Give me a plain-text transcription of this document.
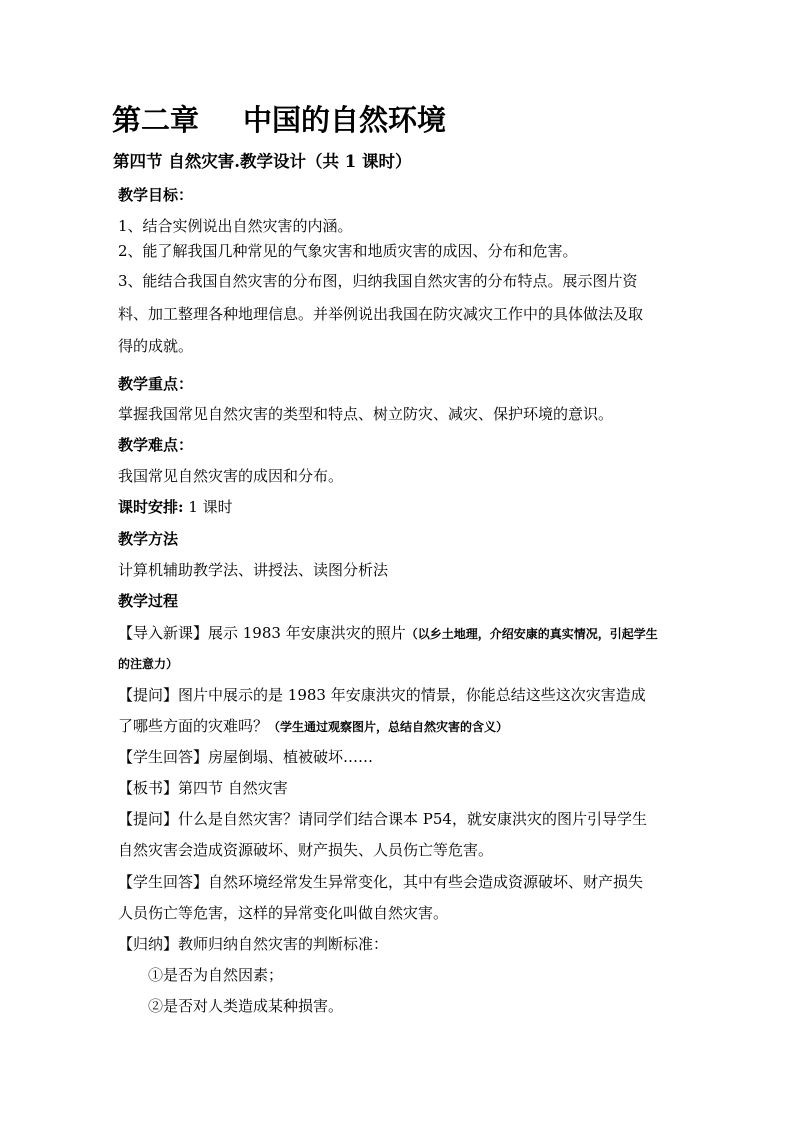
第二章 中国的自然环境
第四节 自然灾害.教学设计（共 1 课时）
教学目标：
1、结合实例说出自然灾害的内涵。
2、能了解我国几种常见的气象灾害和地质灾害的成因、分布和危害。
3、能结合我国自然灾害的分布图，归纳我国自然灾害的分布特点。展示图片资
料、加工整理各种地理信息。并举例说出我国在防灾减灾工作中的具体做法及取
得的成就。
教学重点：
掌握我国常见自然灾害的类型和特点、树立防灾、减灾、保护环境的意识。
教学难点：
我国常见自然灾害的成因和分布。
课时安排: 1 课时
教学方法
计算机辅助教学法、讲授法、读图分析法
教学过程
【导入新课】展示 1983 年安康洪灾的照片（以乡土地理，介绍安康的真实情况，引起学生
的注意力）
【提问】图片中展示的是 1983 年安康洪灾的情景，你能总结这些这次灾害造成
了哪些方面的灾难吗？（学生通过观察图片，总结自然灾害的含义）
【学生回答】房屋倒塌、植被破坏……
【板书】第四节 自然灾害
【提问】什么是自然灾害？请同学们结合课本 P54，就安康洪灾的图片引导学生
自然灾害会造成资源破坏、财产损失、人员伤亡等危害。
【学生回答】自然环境经常发生异常变化，其中有些会造成资源破坏、财产损失
人员伤亡等危害，这样的异常变化叫做自然灾害。
【归纳】教师归纳自然灾害的判断标准：
①是否为自然因素；
②是否对人类造成某种损害。
